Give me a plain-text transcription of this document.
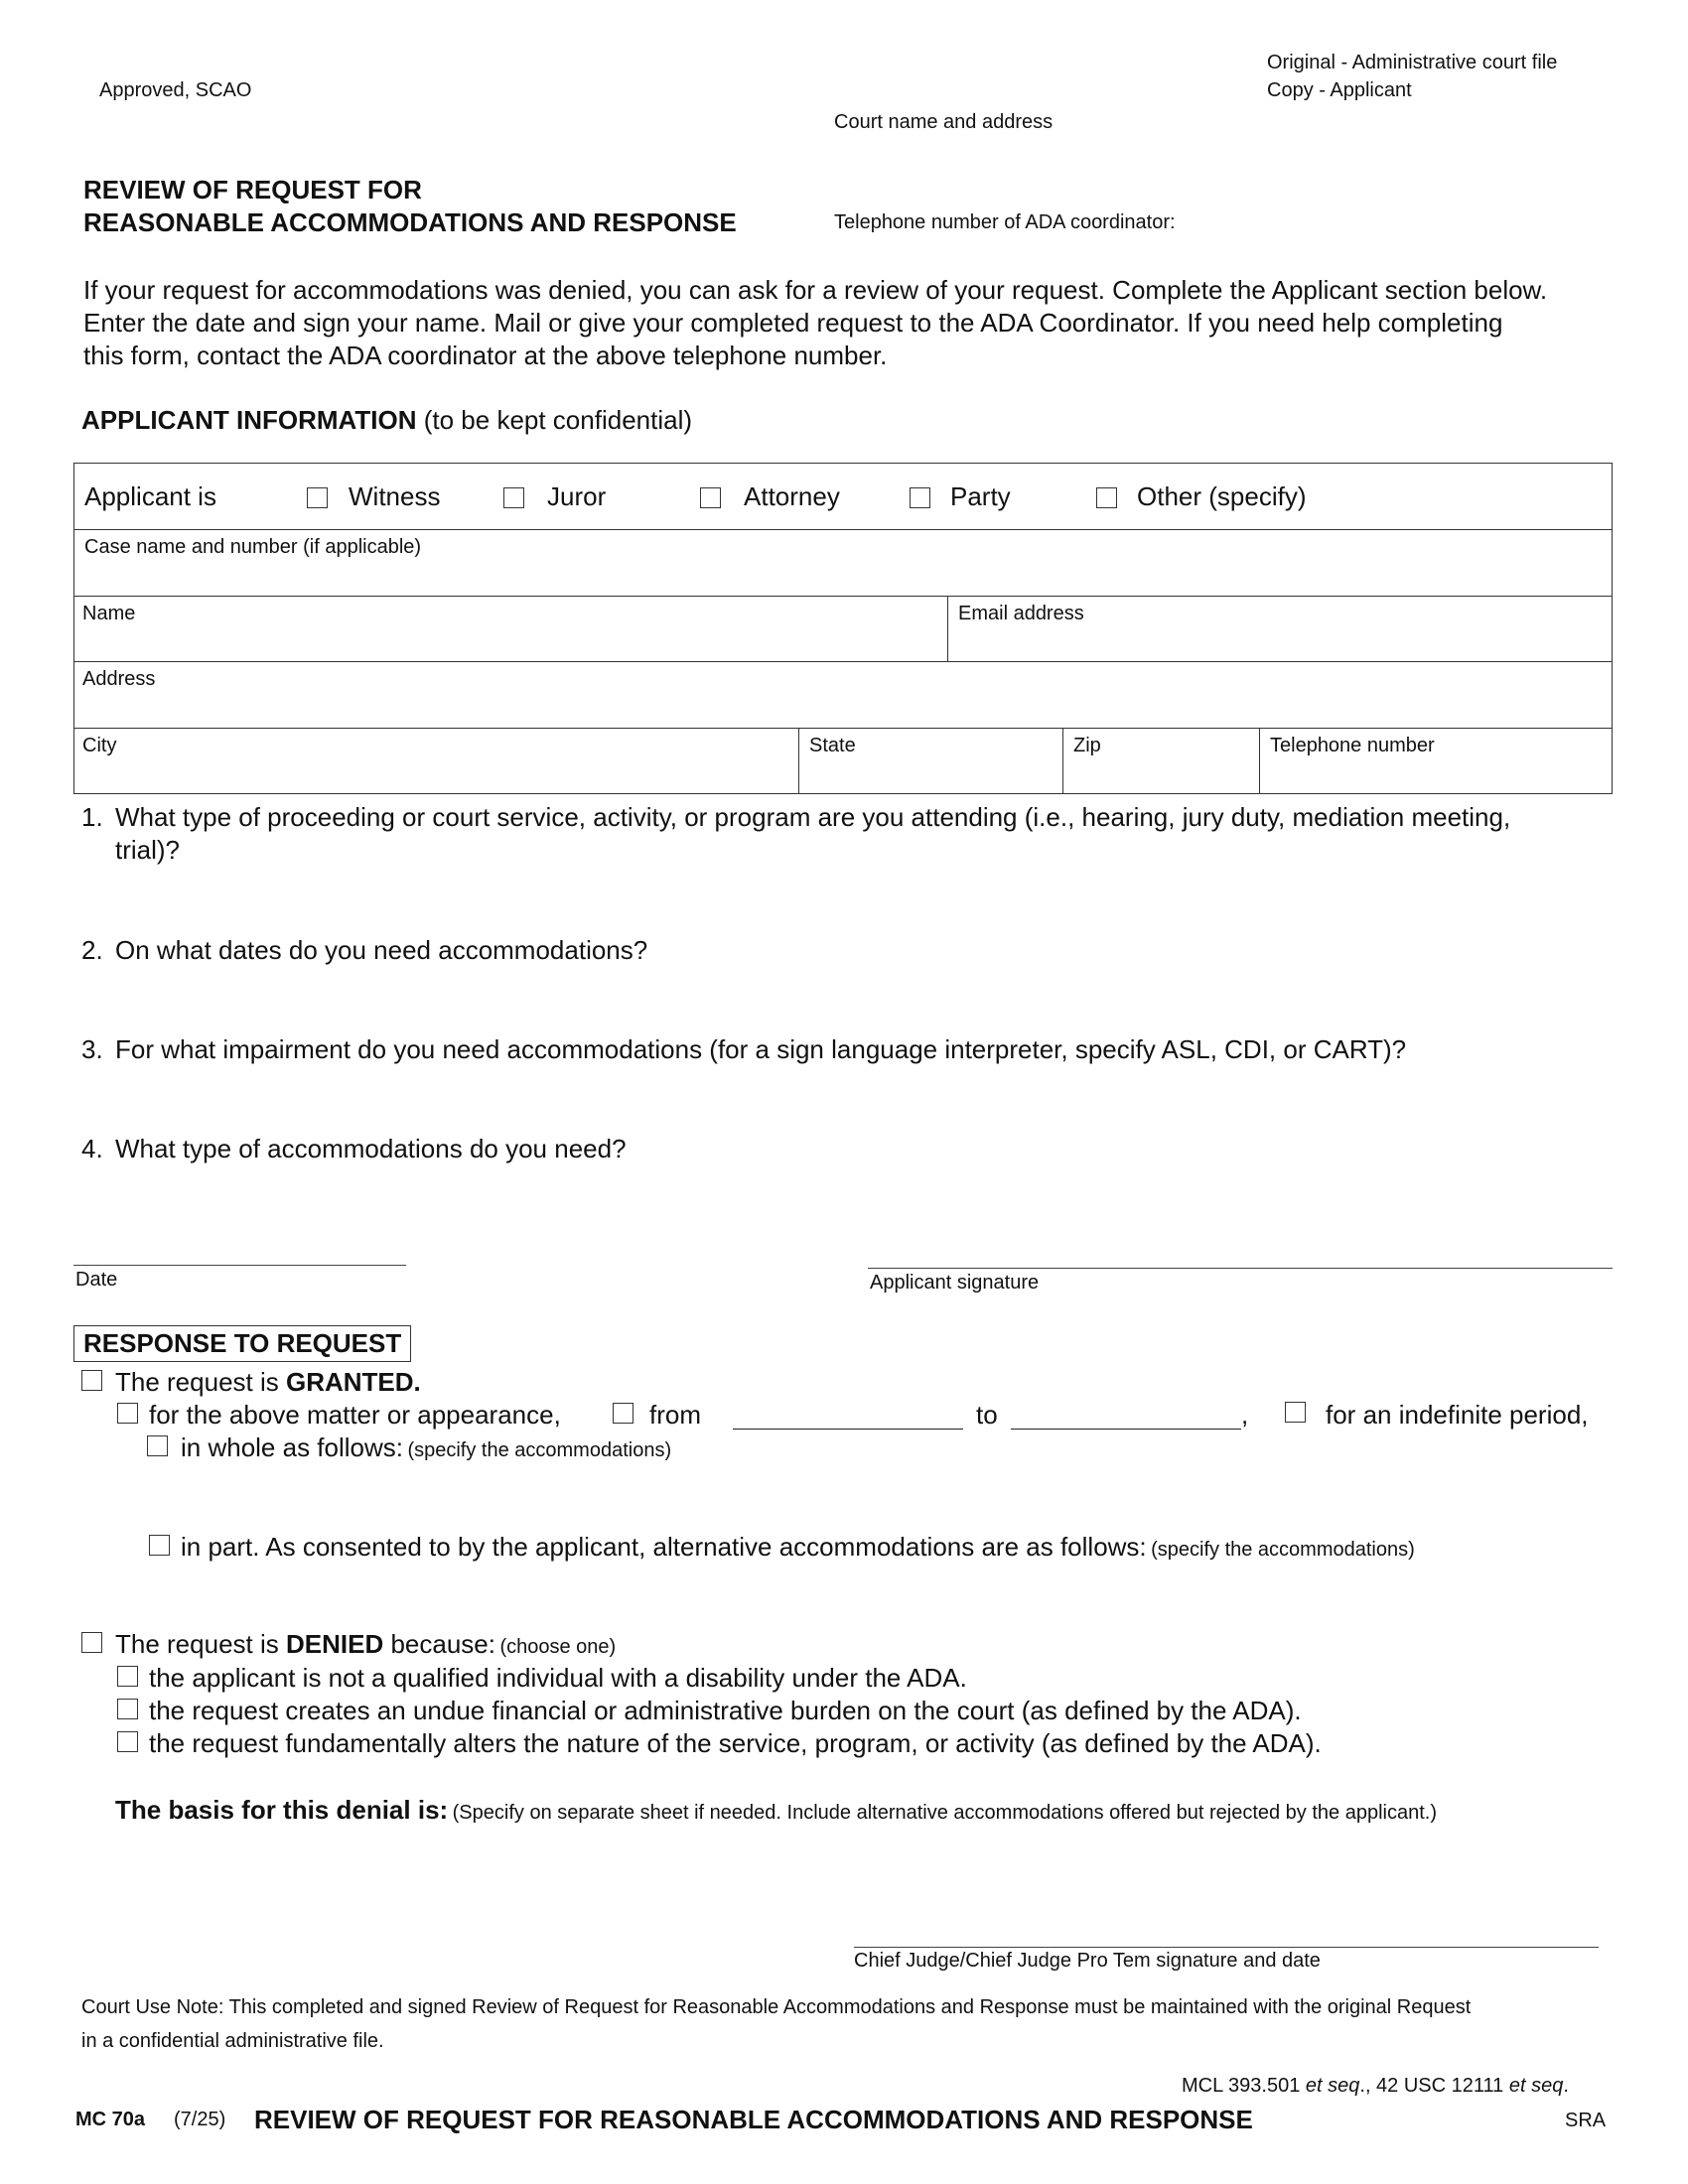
Approved, SCAO
Original - Administrative court file
Copy - Applicant
Court name and address
REVIEW OF REQUEST FOR
REASONABLE ACCOMMODATIONS AND RESPONSE	Telephone number of ADA coordinator:
If your request for accommodations was denied, you can ask for a review of your request. Complete the Applicant section below.
Enter the date and sign your name. Mail or give your completed request to the ADA Coordinator. If you need help completing
this form, contact the ADA coordinator at the above telephone number.
APPLICANT INFORMATION (to be kept confidential)
Applicant is	Witness	Juror	Attorney	Party	Other (specify)
Case name and number (if applicable)
Name	Email address
Address
City	State	Zip	Telephone number
1. What type of proceeding or court service, activity, or program are you attending (i.e., hearing, jury duty, mediation meeting,
trial)?
2. On what dates do you need accommodations?
3. For what impairment do you need accommodations (for a sign language interpreter, specify ASL, CDI, or CART)?
4. What type of accommodations do you need?
Date	Applicant signature
RESPONSE TO REQUEST
The request is GRANTED.
for the above matter or appearance,	from	to	,	for an indefinite period,
in whole as follows: (specify the accommodations)
in part. As consented to by the applicant, alternative accommodations are as follows: (specify the accommodations)
The request is DENIED because: (choose one)
the applicant is not a qualified individual with a disability under the ADA.
the request creates an undue financial or administrative burden on the court (as defined by the ADA).
the request fundamentally alters the nature of the service, program, or activity (as defined by the ADA).
The basis for this denial is: (Specify on separate sheet if needed. Include alternative accommodations offered but rejected by the applicant.)
Chief Judge/Chief Judge Pro Tem signature and date
Court Use Note: This completed and signed Review of Request for Reasonable Accommodations and Response must be maintained with the original Request
in a confidential administrative file.
MCL 393.501 et seq., 42 USC 12111 et seq.
MC 70a (7/25) REVIEW OF REQUEST FOR REASONABLE ACCOMMODATIONS AND RESPONSE	SRA
